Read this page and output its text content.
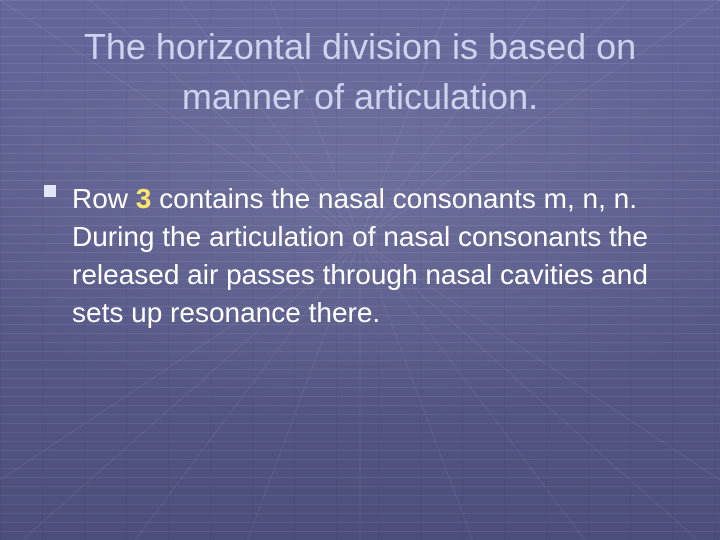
The horizontal division is based on manner of articulation.

Row 3 contains the nasal consonants m, n, n. During the articulation of nasal consonants the released air passes through nasal cavities and sets up resonance there.
